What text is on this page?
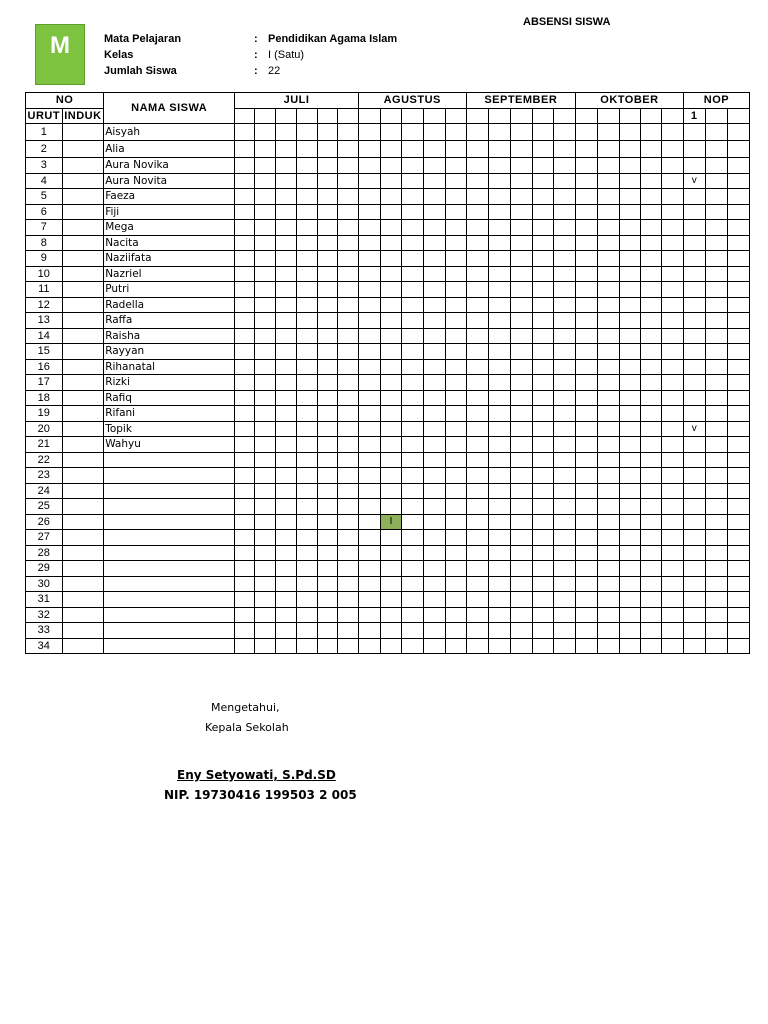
M
ABSENSI SISWA
Mata Pelajaran	: Pendidikan Agama Islam
Kelas	: I (Satu)
Jumlah Siswa	: 22
NO		NAMA SISWA	JULI						AGUSTUS					SEPTEMBER					OKTOBER					NOP		
URUT	INDUK																							1		
1		Aisyah																								
2		Alia																								
3		Aura Novika																								
4		Aura Novita																						v		
5		Faeza																								
6		Fiji																								
7		Mega																								
8		Nacita																								
9		Naziifata																								
10		Nazriel																								
11		Putri																								
12		Radella																								
13		Raffa																								
14		Raisha																								
15		Rayyan																								
16		Rihanatal																								
17		Rizki																								
18		Rafiq																								
19		Rifani																								
20		Topik																						v		
21		Wahyu																								
22																										
23																										
24																										
25																										
26										I																
27																										
28																										
29																										
30																										
31																										
32																										
33																										
34																										
Mengetahui,
Kepala Sekolah
Eny Setyowati, S.Pd.SD
NIP. 19730416 199503 2 005
